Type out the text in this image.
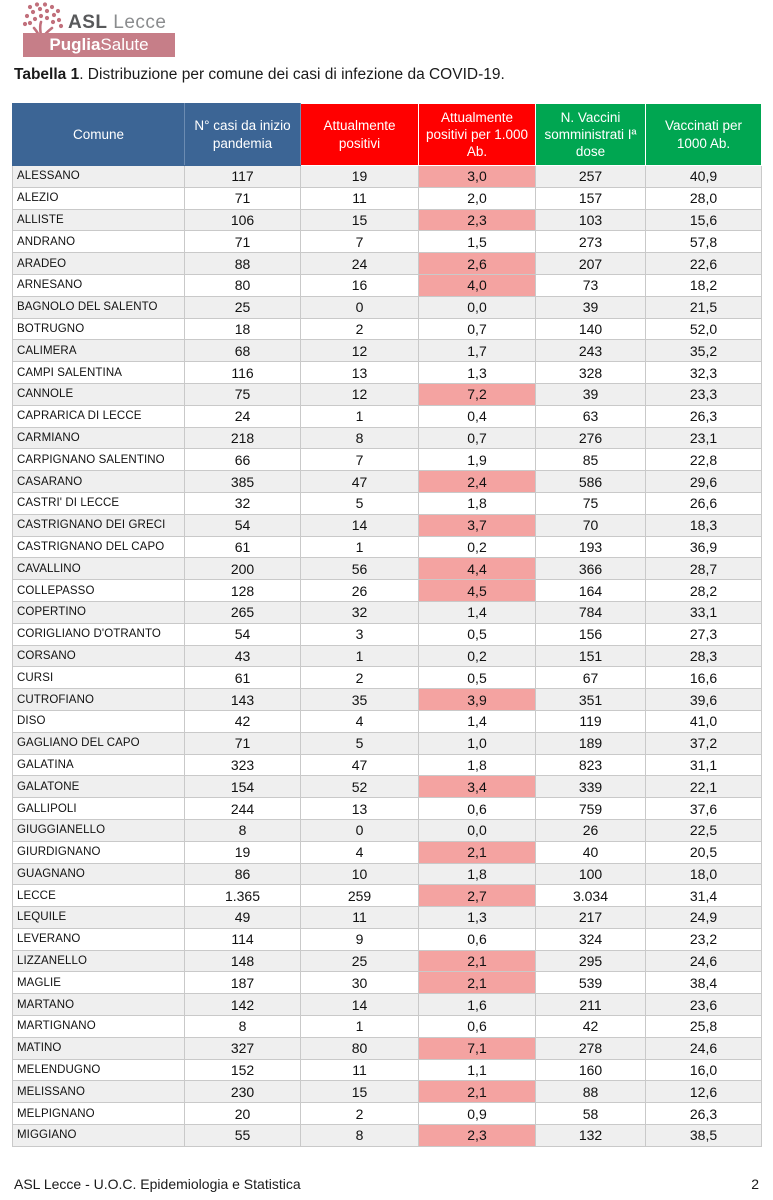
ASL Lecce
Puglia Salute

Tabella 1. Distribuzione per comune dei casi di infezione da COVID-19.

Comune	N° casi da inizio pandemia	Attualmente positivi	Attualmente positivi per 1.000 Ab.	N. Vaccini somministrati Iª dose	Vaccinati per 1000 Ab.
ALESSANO	117	19	3,0	257	40,9
ALEZIO	71	11	2,0	157	28,0
ALLISTE	106	15	2,3	103	15,6
ANDRANO	71	7	1,5	273	57,8
ARADEO	88	24	2,6	207	22,6
ARNESANO	80	16	4,0	73	18,2
BAGNOLO DEL SALENTO	25	0	0,0	39	21,5
BOTRUGNO	18	2	0,7	140	52,0
CALIMERA	68	12	1,7	243	35,2
CAMPI SALENTINA	116	13	1,3	328	32,3
CANNOLE	75	12	7,2	39	23,3
CAPRARICA DI LECCE	24	1	0,4	63	26,3
CARMIANO	218	8	0,7	276	23,1
CARPIGNANO SALENTINO	66	7	1,9	85	22,8
CASARANO	385	47	2,4	586	29,6
CASTRI' DI LECCE	32	5	1,8	75	26,6
CASTRIGNANO DEI GRECI	54	14	3,7	70	18,3
CASTRIGNANO DEL CAPO	61	1	0,2	193	36,9
CAVALLINO	200	56	4,4	366	28,7
COLLEPASSO	128	26	4,5	164	28,2
COPERTINO	265	32	1,4	784	33,1
CORIGLIANO D'OTRANTO	54	3	0,5	156	27,3
CORSANO	43	1	0,2	151	28,3
CURSI	61	2	0,5	67	16,6
CUTROFIANO	143	35	3,9	351	39,6
DISO	42	4	1,4	119	41,0
GAGLIANO DEL CAPO	71	5	1,0	189	37,2
GALATINA	323	47	1,8	823	31,1
GALATONE	154	52	3,4	339	22,1
GALLIPOLI	244	13	0,6	759	37,6
GIUGGIANELLO	8	0	0,0	26	22,5
GIURDIGNANO	19	4	2,1	40	20,5
GUAGNANO	86	10	1,8	100	18,0
LECCE	1.365	259	2,7	3.034	31,4
LEQUILE	49	11	1,3	217	24,9
LEVERANO	114	9	0,6	324	23,2
LIZZANELLO	148	25	2,1	295	24,6
MAGLIE	187	30	2,1	539	38,4
MARTANO	142	14	1,6	211	23,6
MARTIGNANO	8	1	0,6	42	25,8
MATINO	327	80	7,1	278	24,6
MELENDUGNO	152	11	1,1	160	16,0
MELISSANO	230	15	2,1	88	12,6
MELPIGNANO	20	2	0,9	58	26,3
MIGGIANO	55	8	2,3	132	38,5
ASL Lecce - U.O.C. Epidemiologia e Statistica	2
